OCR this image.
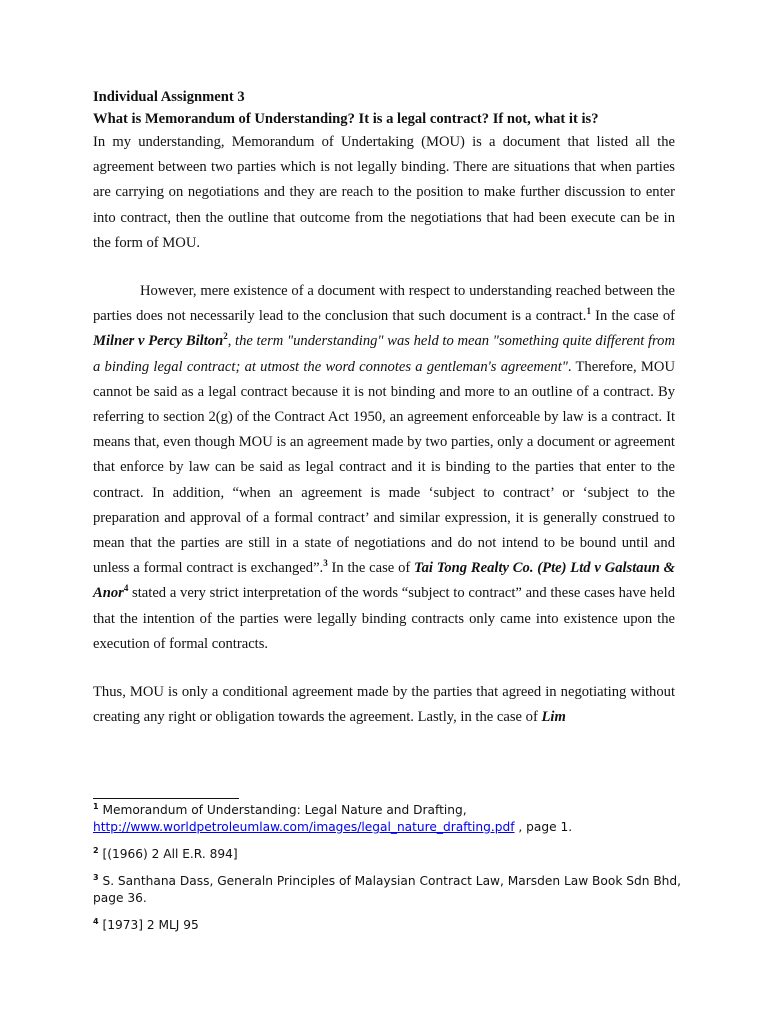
Individual Assignment 3

What is Memorandum of Understanding? It is a legal contract? If not, what it is?

In my understanding, Memorandum of Undertaking (MOU) is a document that listed all the agreement between two parties which is not legally binding. There are situations that when parties are carrying on negotiations and they are reach to the position to make further discussion to enter into contract, then the outline that outcome from the negotiations that had been execute can be in the form of MOU.

However, mere existence of a document with respect to understanding reached between the parties does not necessarily lead to the conclusion that such document is a contract.$^1$ In the case of Milner v Percy Bilton$^2$, the term "understanding" was held to mean "something quite different from a binding legal contract; at utmost the word connotes a gentleman's agreement". Therefore, MOU cannot be said as a legal contract because it is not binding and more to an outline of a contract. By referring to section 2(g) of the Contract Act 1950, an agreement enforceable by law is a contract. It means that, even though MOU is an agreement made by two parties, only a document or agreement that enforce by law can be said as legal contract and it is binding to the parties that enter to the contract. In addition, “when an agreement is made ‘subject to contract’ or ‘subject to the preparation and approval of a formal contract’ and similar expression, it is generally construed to mean that the parties are still in a state of negotiations and do not intend to be bound until and unless a formal contract is exchanged”.$^3$ In the case of Tai Tong Realty Co. (Pte) Ltd v Galstaun & Anor$^4$ stated a very strict interpretation of the words “subject to contract” and these cases have held that the intention of the parties were legally binding contracts only came into existence upon the execution of formal contracts.

Thus, MOU is only a conditional agreement made by the parties that agreed in negotiating without creating any right or obligation towards the agreement. Lastly, in the case of Lim

$^1$ Memorandum of Understanding: Legal Nature and Drafting, http://www.worldpetroleumlaw.com/images/legal_nature_drafting.pdf , page 1.

$^2$ [(1966) 2 All E.R. 894]

$^3$ S. Santhana Dass, Generaln Principles of Malaysian Contract Law, Marsden Law Book Sdn Bhd, page 36.

$^4$ [1973] 2 MLJ 95
